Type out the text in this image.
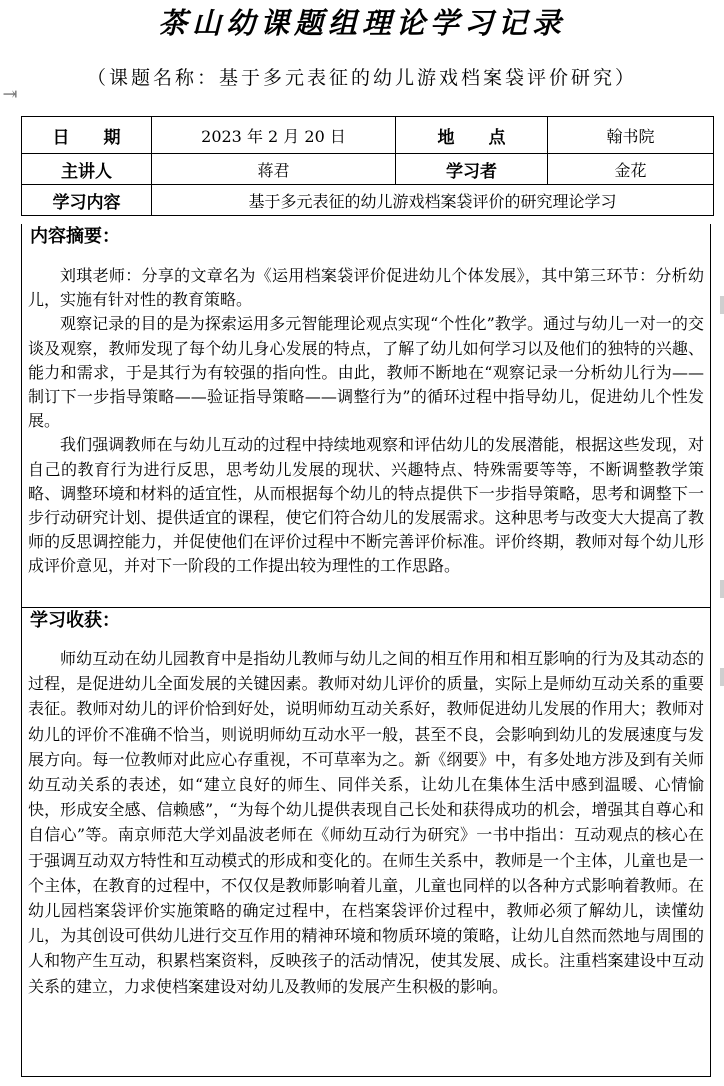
茶山幼课题组理论学习记录
（课题名称：基于多元表征的幼儿游戏档案袋评价研究）
⇥
日　　期	2023 年 2 月 20 日	地　　点	翰书院
主讲人	蒋君	学习者	金花
学习内容	基于多元表征的幼儿游戏档案袋评价的研究理论学习		
内容摘要：

刘琪老师：分享的文章名为《运用档案袋评价促进幼儿个体发展》，其中第三环节：分析幼儿，实施有针对性的教育策略。

观察记录的目的是为探索运用多元智能理论观点实现“个性化”教学。通过与幼儿一对一的交谈及观察，教师发现了每个幼儿身心发展的特点，了解了幼儿如何学习以及他们的独特的兴趣、能力和需求，于是其行为有较强的指向性。由此，教师不断地在“观察记录一分析幼儿行为——制订下一步指导策略——验证指导策略——调整行为”的循环过程中指导幼儿，促进幼儿个性发展。

我们强调教师在与幼儿互动的过程中持续地观察和评估幼儿的发展潜能，根据这些发现，对自己的教育行为进行反思，思考幼儿发展的现状、兴趣特点、特殊需要等等，不断调整教学策略、调整环境和材料的适宜性，从而根据每个幼儿的特点提供下一步指导策略，思考和调整下一步行动研究计划、提供适宜的课程，使它们符合幼儿的发展需求。这种思考与改变大大提高了教师的反思调控能力，并促使他们在评价过程中不断完善评价标准。评价终期，教师对每个幼儿形成评价意见，并对下一阶段的工作提出较为理性的工作思路。

学习收获：

师幼互动在幼儿园教育中是指幼儿教师与幼儿之间的相互作用和相互影响的行为及其动态的过程，是促进幼儿全面发展的关键因素。教师对幼儿评价的质量，实际上是师幼互动关系的重要表征。教师对幼儿的评价恰到好处，说明师幼互动关系好，教师促进幼儿发展的作用大；教师对幼儿的评价不准确不恰当，则说明师幼互动水平一般，甚至不良，会影响到幼儿的发展速度与发展方向。每一位教师对此应心存重视，不可草率为之。新《纲要》中，有多处地方涉及到有关师幼互动关系的表述，如“建立良好的师生、同伴关系，让幼儿在集体生活中感到温暖、心情愉快，形成安全感、信赖感”，“为每个幼儿提供表现自己长处和获得成功的机会，增强其自尊心和自信心”等。南京师范大学刘晶波老师在《师幼互动行为研究》一书中指出：互动观点的核心在于强调互动双方特性和互动模式的形成和变化的。在师生关系中，教师是一个主体，儿童也是一个主体，在教育的过程中，不仅仅是教师影响着儿童，儿童也同样的以各种方式影响着教师。在幼儿园档案袋评价实施策略的确定过程中，在档案袋评价过程中，教师必须了解幼儿，读懂幼儿，为其创设可供幼儿进行交互作用的精神环境和物质环境的策略，让幼儿自然而然地与周围的人和物产生互动，积累档案资料，反映孩子的活动情况，使其发展、成长。注重档案建设中互动关系的建立，力求使档案建设对幼儿及教师的发展产生积极的影响。
